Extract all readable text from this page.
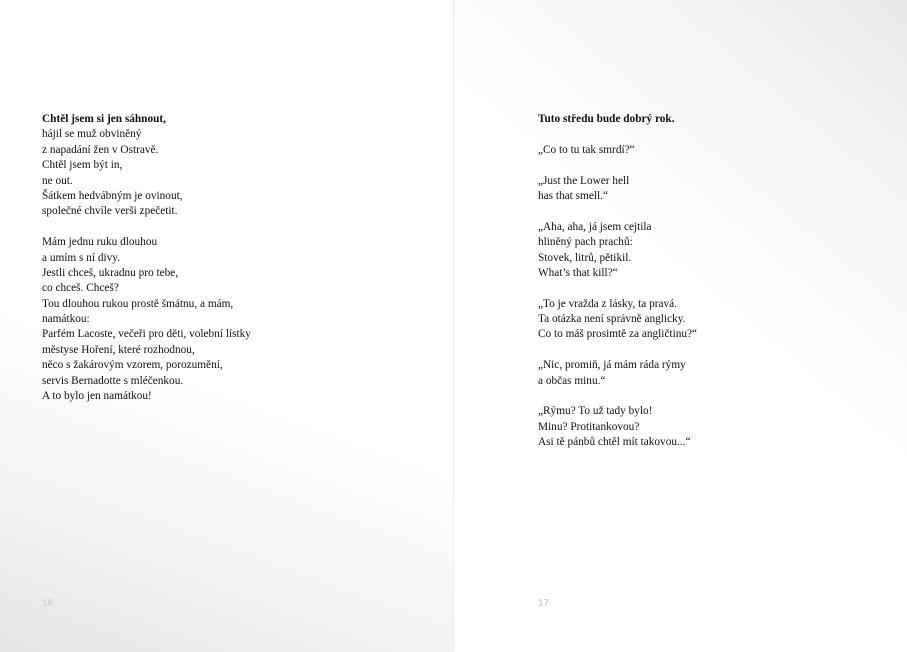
Chtěl jsem si jen sáhnout,
hájil se muž obviněný
z napadání žen v Ostravě.
Chtěl jsem být in,
ne out.
Šátkem hedvábným je ovinout,
společné chvíle verši zpečetit.
Mám jednu ruku dlouhou
a umím s ní divy.
Jestli chceš, ukradnu pro tebe,
co chceš. Chceš?
Tou dlouhou rukou prostě šmátnu, a mám,
namátkou:
Parfém Lacoste, večeři pro děti, volební lístky
městyse Hoření, které rozhodnou,
něco s žakárovým vzorem, porozumění,
servis Bernadotte s mléčenkou.
A to bylo jen namátkou!
16
Tuto středu bude dobrý rok.
„Co to tu tak smrdí?“
„Just the Lower hell
has that smell.“
„Aha, aha, já jsem cejtila
hliněný pach prachů:
Stovek, litrů, pětikil.
What’s that kill?“
„To je vražda z lásky, ta pravá.
Ta otázka není správně anglicky.
Co to máš prosimtě za angličtinu?“
„Nic, promiň, já mám ráda rýmy
a občas minu.“
„Rýmu? To už tady bylo!
Minu? Protitankovou?
Asi tě pánbů chtěl mít takovou...“
17
